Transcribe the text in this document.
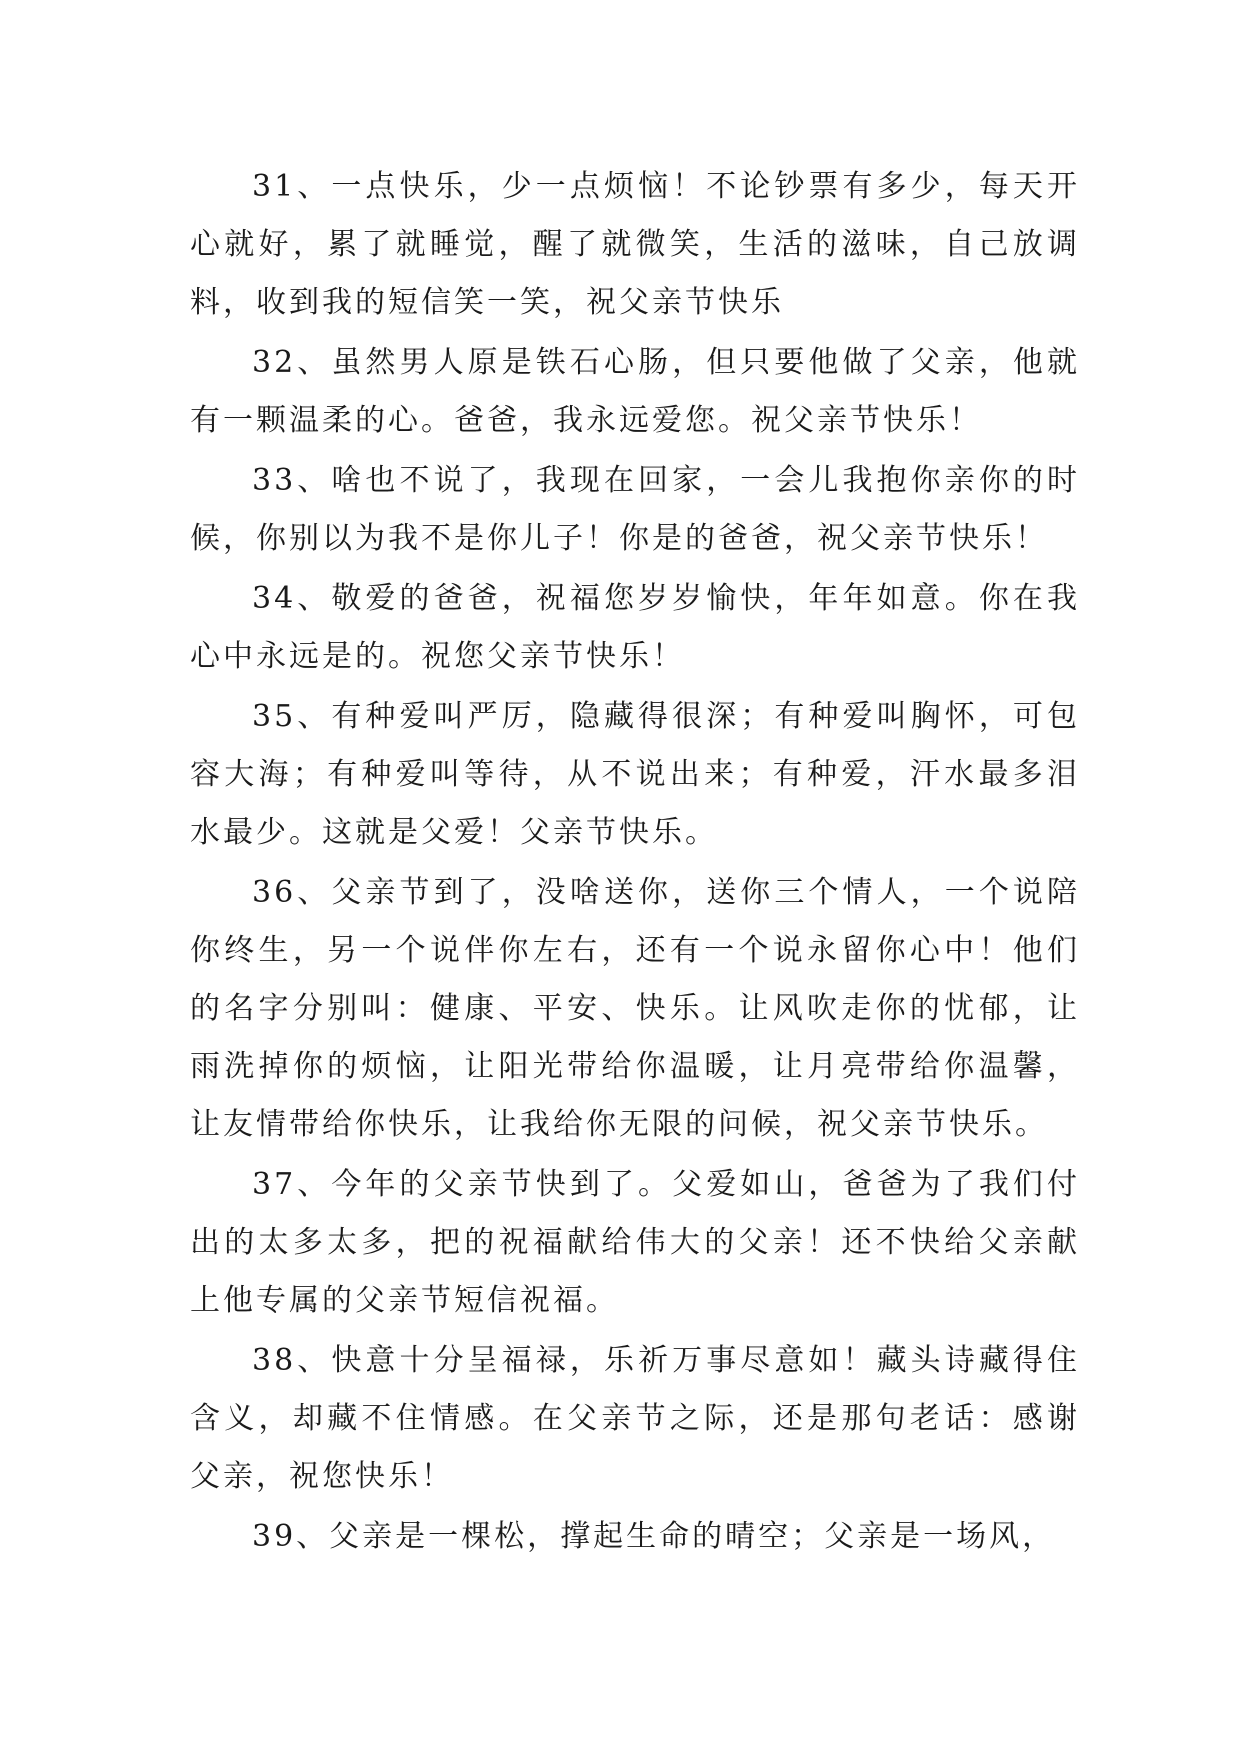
31、一点快乐，少一点烦恼！不论钞票有多少，每天开心就好，累了就睡觉，醒了就微笑，生活的滋味，自己放调料，收到我的短信笑一笑，祝父亲节快乐

32、虽然男人原是铁石心肠，但只要他做了父亲，他就有一颗温柔的心。爸爸，我永远爱您。祝父亲节快乐！

33、啥也不说了，我现在回家，一会儿我抱你亲你的时候，你别以为我不是你儿子！你是的爸爸，祝父亲节快乐！

34、敬爱的爸爸，祝福您岁岁愉快，年年如意。你在我心中永远是的。祝您父亲节快乐！

35、有种爱叫严厉，隐藏得很深；有种爱叫胸怀，可包容大海；有种爱叫等待，从不说出来；有种爱，汗水最多泪水最少。这就是父爱！父亲节快乐。

36、父亲节到了，没啥送你，送你三个情人，一个说陪你终生，另一个说伴你左右，还有一个说永留你心中！他们的名字分别叫：健康、平安、快乐。让风吹走你的忧郁，让雨洗掉你的烦恼，让阳光带给你温暖，让月亮带给你温馨，让友情带给你快乐，让我给你无限的问候，祝父亲节快乐。

37、今年的父亲节快到了。父爱如山，爸爸为了我们付出的太多太多，把的祝福献给伟大的父亲！还不快给父亲献上他专属的父亲节短信祝福。

38、快意十分呈福禄，乐祈万事尽意如！藏头诗藏得住含义，却藏不住情感。在父亲节之际，还是那句老话：感谢父亲，祝您快乐！

39、父亲是一棵松，撑起生命的晴空；父亲是一场风，
